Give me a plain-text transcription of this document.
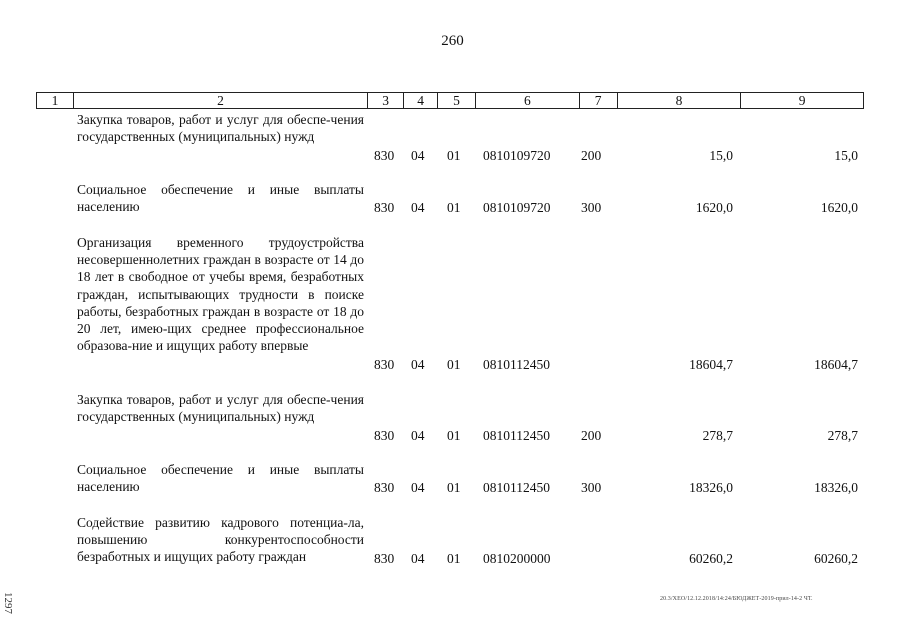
260
1	2	3	4	5	6	7	8	9
Закупка товаров, работ и услуг для обеспе-чения государственных (муниципальных) нужд
830 04 01 0810109720 200	15,0	15,0
Социальное обеспечение и иные выплаты населению	830 04 01 0810109720 300	1620,0	1620,0
Организация временного трудоустройства несовершеннолетних граждан в возрасте от 14 до 18 лет в свободное от учебы время, безработных граждан, испытывающих трудности в поиске работы, безработных граждан в возрасте от 18 до 20 лет, имею-щих среднее профессиональное образова-ние и ищущих работу впервые
830 04 01 0810112450	18604,7	18604,7
Закупка товаров, работ и услуг для обеспе-чения государственных (муниципальных) нужд
830 04 01 0810112450 200	278,7	278,7
Социальное обеспечение и иные выплаты населению	830 04 01 0810112450 300	18326,0	18326,0
Содействие развитию кадрового потенциа-ла, повышению конкурентоспособности безработных и ищущих работу граждан	830 04 01 0810200000	60260,2	60260,2
20.3/ХЕО/12.12.2018/14:24/БЮДЖЕТ-2019-прил-14-2 ЧТ.
1297
